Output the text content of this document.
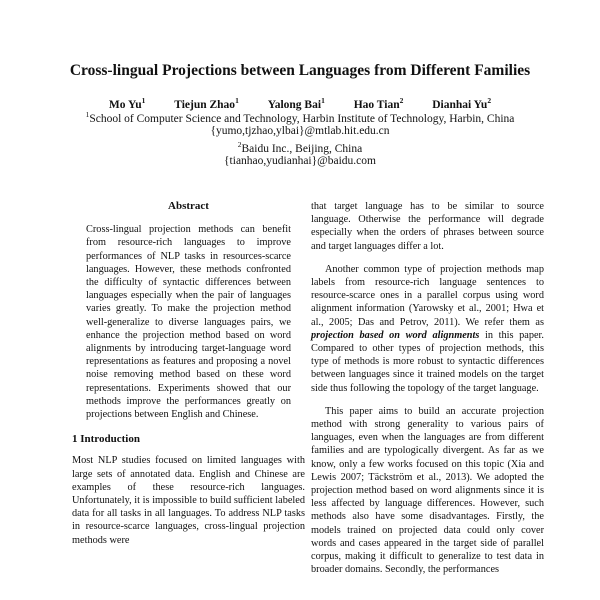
Cross-lingual Projections between Languages from Different Families
Mo Yu$^1$	Tiejun Zhao$^1$	Yalong Bai$^1$	Hao Tian$^2$	Dianhai Yu$^2$
$^1$School of Computer Science and Technology, Harbin Institute of Technology, Harbin, China
{yumo,tjzhao,ylbai}@mtlab.hit.edu.cn
$^2$Baidu Inc., Beijing, China
{tianhao,yudianhai}@baidu.com
Abstract
Cross-lingual projection methods can benefit from resource-rich languages to improve performances of NLP tasks in resources-scarce languages. However, these methods confronted the difficulty of syntactic differences between languages especially when the pair of languages varies greatly. To make the projection method well-generalize to diverse languages pairs, we enhance the projection method based on word alignments by introducing target-language word representations as features and proposing a novel noise removing method based on these word representations. Experiments showed that our methods improve the performances greatly on projections between English and Chinese.
1 Introduction
Most NLP studies focused on limited languages with large sets of annotated data. English and Chinese are examples of these resource-rich languages. Unfortunately, it is impossible to build sufficient labeled data for all tasks in all languages. To address NLP tasks in resource-scarce languages, cross-lingual projection methods were
that target language has to be similar to source language. Otherwise the performance will degrade especially when the orders of phrases between source and target languages differ a lot.
Another common type of projection methods map labels from resource-rich language sentences to resource-scarce ones in a parallel corpus using word alignment information (Yarowsky et al., 2001; Hwa et al., 2005; Das and Petrov, 2011). We refer them as projection based on word alignments in this paper. Compared to other types of projection methods, this type of methods is more robust to syntactic differences between languages since it trained models on the target side thus following the topology of the target language.
This paper aims to build an accurate projection method with strong generality to various pairs of languages, even when the languages are from different families and are typologically divergent. As far as we know, only a few works focused on this topic (Xia and Lewis 2007; Täckström et al., 2013). We adopted the projection method based on word alignments since it is less affected by language differences. However, such methods also have some disadvantages. Firstly, the models trained on projected data could only cover words and cases appeared in the target side of parallel corpus, making it difficult to generalize to test data in broader domains. Secondly, the performances
